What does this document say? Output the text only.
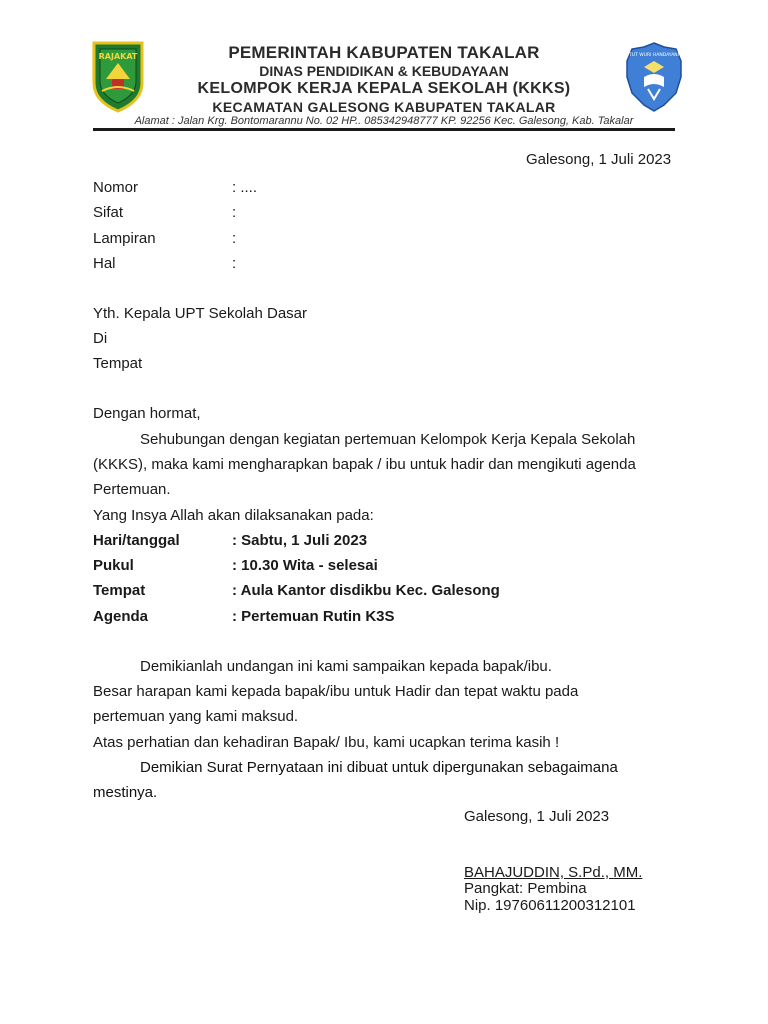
RAJAKAT	TUT WURI HANDAYANI
PEMERINTAH KABUPATEN TAKALAR
DINAS PENDIDIKAN & KEBUDAYAAN
KELOMPOK KERJA KEPALA SEKOLAH (KKKS)
KECAMATAN GALESONG KABUPATEN TAKALAR
Alamat : Jalan Krg. Bontomarannu No. 02 HP.. 085342948777 KP. 92256 Kec. Galesong, Kab. Takalar
Galesong, 1 Juli 2023
Nomor	: ....
Sifat	:
Lampiran	:
Hal	:
Yth. Kepala UPT Sekolah Dasar
Di
Tempat
Dengan hormat,
Sehubungan dengan kegiatan pertemuan Kelompok Kerja Kepala Sekolah
(KKKS), maka kami mengharapkan bapak / ibu untuk hadir dan mengikuti agenda
Pertemuan.
Yang Insya Allah akan dilaksanakan pada:
Hari/tanggal	: Sabtu, 1 Juli 2023
Pukul	: 10.30 Wita - selesai
Tempat	: Aula Kantor disdikbu Kec. Galesong
Agenda	: Pertemuan Rutin K3S
Demikianlah undangan ini kami sampaikan kepada bapak/ibu.
Besar harapan kami kepada bapak/ibu untuk Hadir dan tepat waktu pada
pertemuan yang kami maksud.
Atas perhatian dan kehadiran Bapak/ Ibu, kami ucapkan terima kasih !
Demikian Surat Pernyataan ini dibuat untuk dipergunakan sebagaimana
mestinya.
Galesong, 1 Juli 2023
BAHAJUDDIN, S.Pd., MM.
Pangkat: Pembina
Nip. 19760611200312101
